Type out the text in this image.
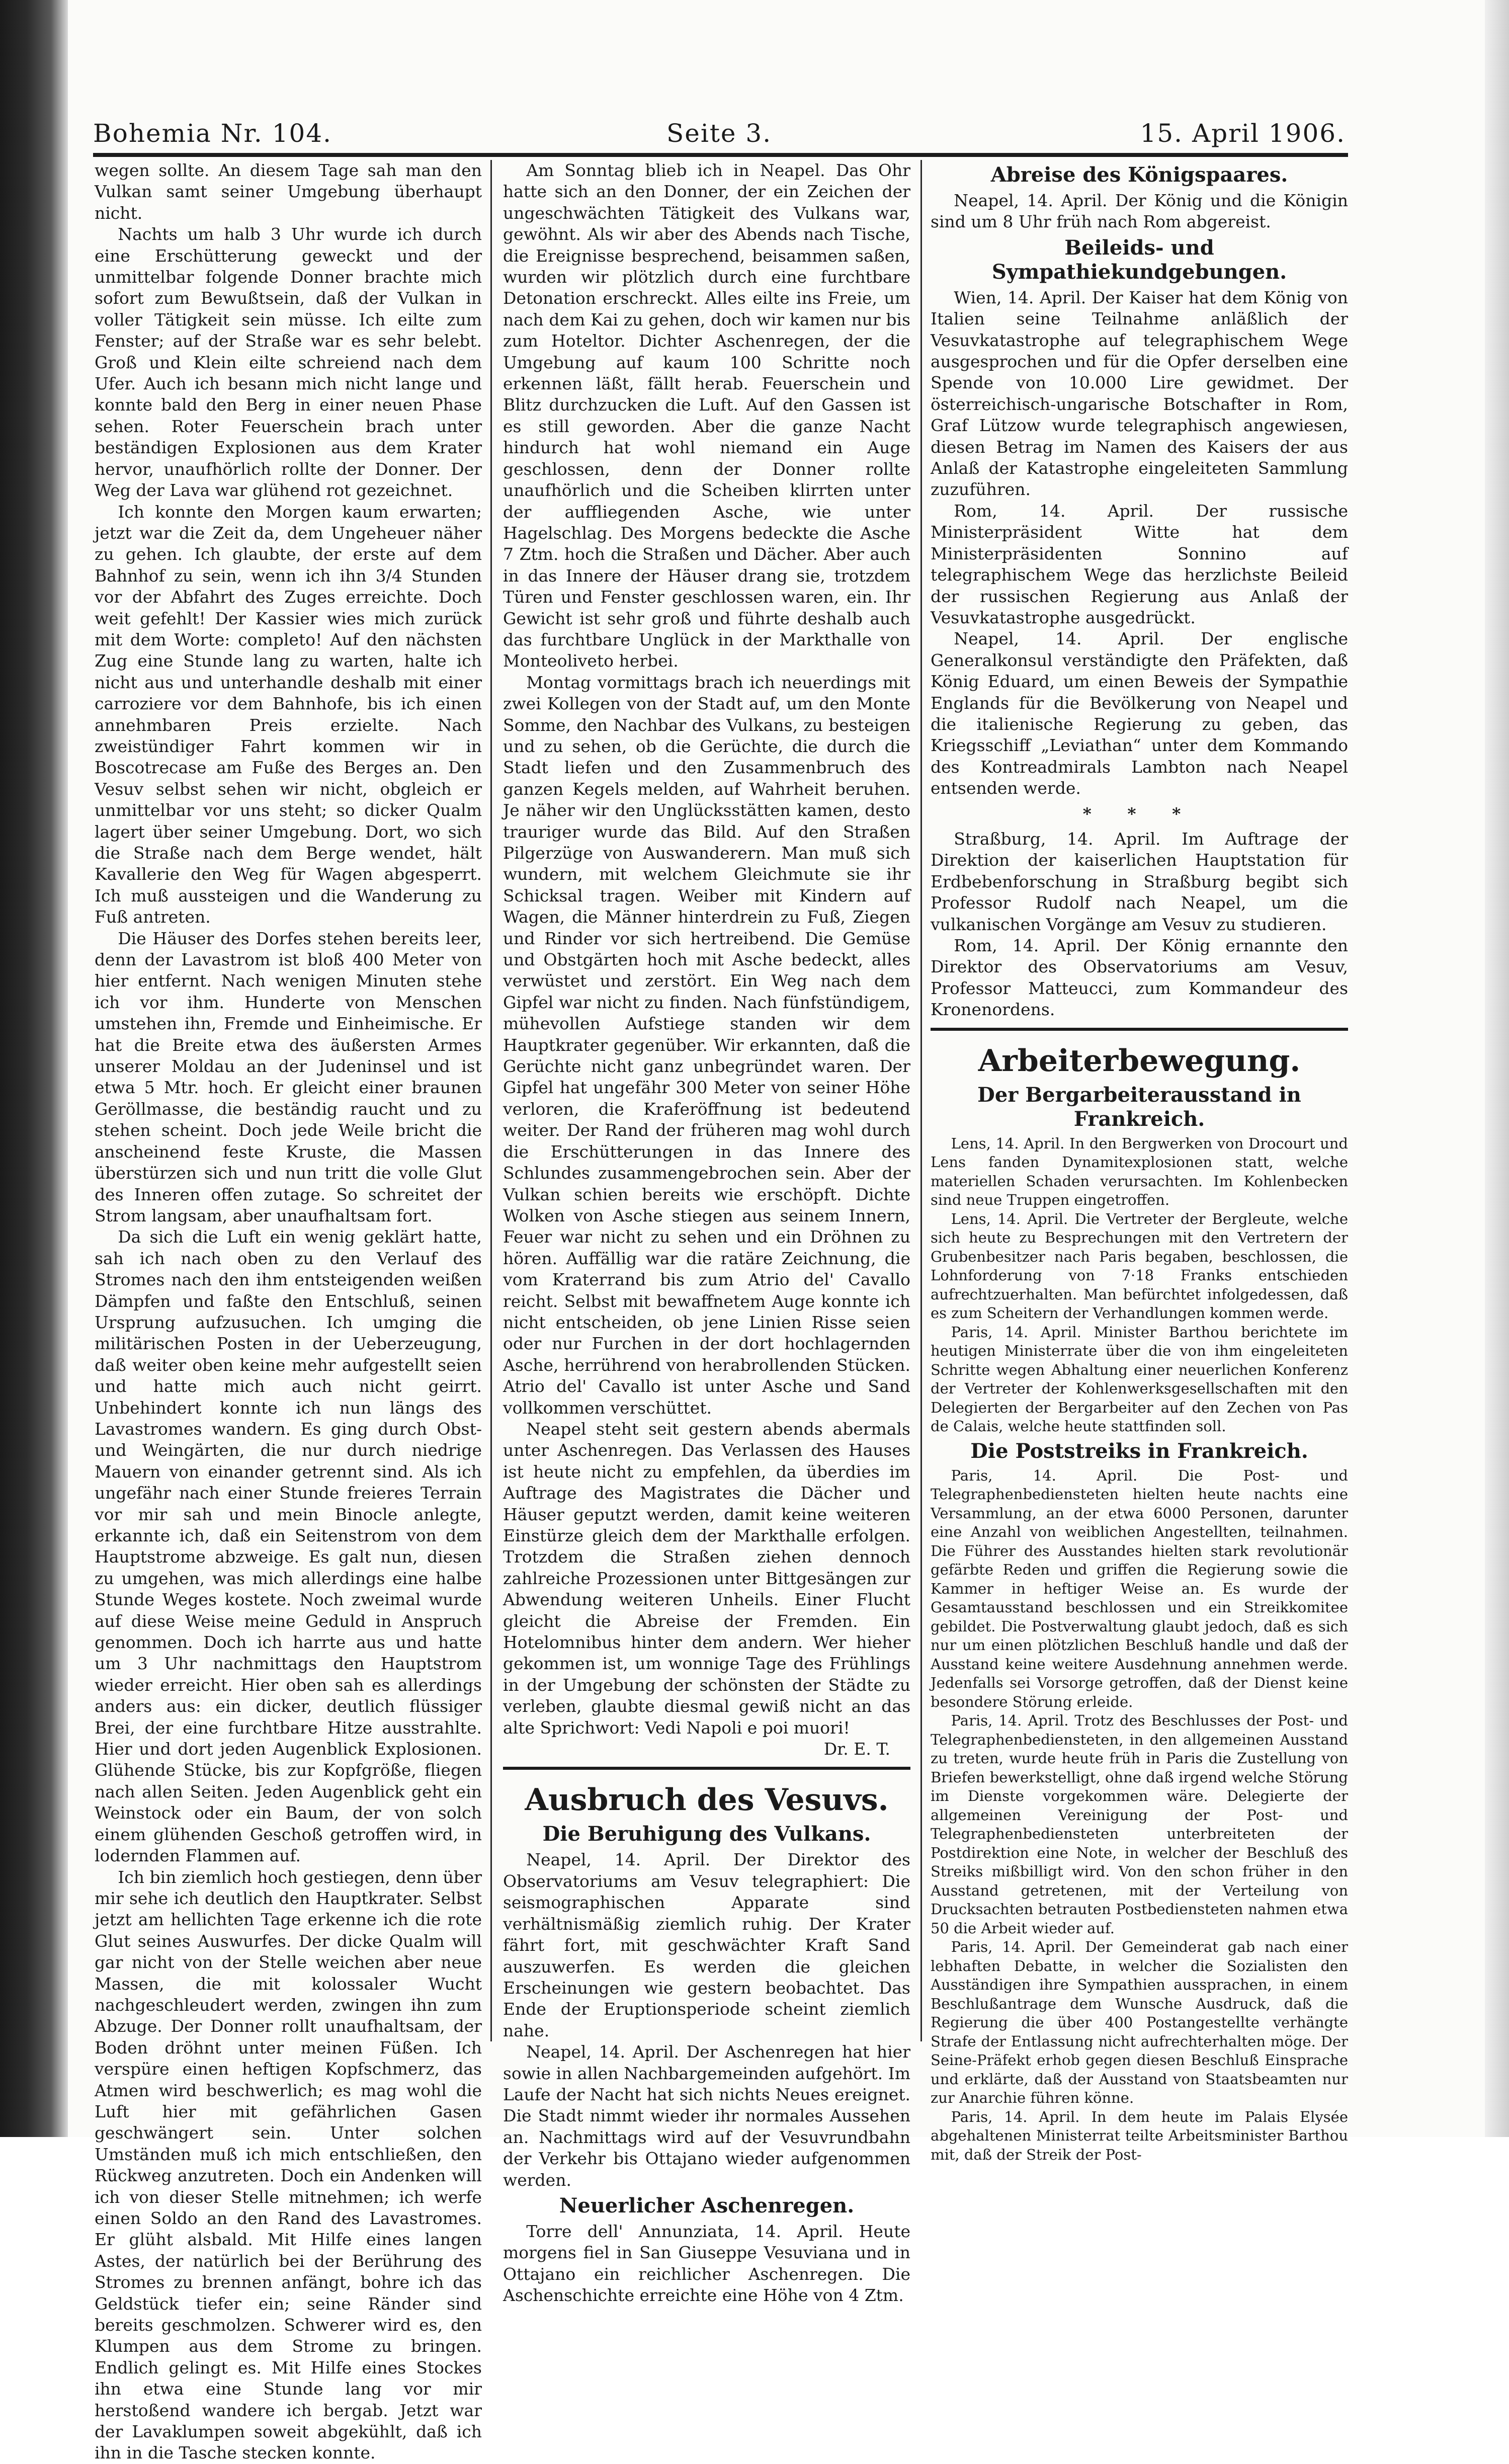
Bohemia Nr. 104.	Seite 3.	15. April 1906.

wegen sollte. An diesem Tage sah man den Vulkan samt seiner Umgebung überhaupt nicht.

Nachts um halb 3 Uhr wurde ich durch eine Erschütterung geweckt und der unmittelbar folgende Donner brachte mich sofort zum Bewußtsein, daß der Vulkan in voller Tätigkeit sein müsse. Ich eilte zum Fenster; auf der Straße war es sehr belebt. Groß und Klein eilte schreiend nach dem Ufer. Auch ich besann mich nicht lange und konnte bald den Berg in einer neuen Phase sehen. Roter Feuerschein brach unter beständigen Explosionen aus dem Krater hervor, unaufhörlich rollte der Donner. Der Weg der Lava war glühend rot gezeichnet.

Ich konnte den Morgen kaum erwarten; jetzt war die Zeit da, dem Ungeheuer näher zu gehen. Ich glaubte, der erste auf dem Bahnhof zu sein, wenn ich ihn 3/4 Stunden vor der Abfahrt des Zuges erreichte. Doch weit gefehlt! Der Kassier wies mich zurück mit dem Worte: completo! Auf den nächsten Zug eine Stunde lang zu warten, halte ich nicht aus und unterhandle deshalb mit einer carroziere vor dem Bahnhofe, bis ich einen annehmbaren Preis erzielte. Nach zweistündiger Fahrt kommen wir in Boscotrecase am Fuße des Berges an. Den Vesuv selbst sehen wir nicht, obgleich er unmittelbar vor uns steht; so dicker Qualm lagert über seiner Umgebung. Dort, wo sich die Straße nach dem Berge wendet, hält Kavallerie den Weg für Wagen abgesperrt. Ich muß aussteigen und die Wanderung zu Fuß antreten.

Die Häuser des Dorfes stehen bereits leer, denn der Lavastrom ist bloß 400 Meter von hier entfernt. Nach wenigen Minuten stehe ich vor ihm. Hunderte von Menschen umstehen ihn, Fremde und Einheimische. Er hat die Breite etwa des äußersten Armes unserer Moldau an der Judeninsel und ist etwa 5 Mtr. hoch. Er gleicht einer braunen Geröllmasse, die beständig raucht und zu stehen scheint. Doch jede Weile bricht die anscheinend feste Kruste, die Massen überstürzen sich und nun tritt die volle Glut des Inneren offen zutage. So schreitet der Strom langsam, aber unaufhaltsam fort.

Da sich die Luft ein wenig geklärt hatte, sah ich nach oben zu den Verlauf des Stromes nach den ihm entsteigenden weißen Dämpfen und faßte den Entschluß, seinen Ursprung aufzusuchen. Ich umging die militärischen Posten in der Ueberzeugung, daß weiter oben keine mehr aufgestellt seien und hatte mich auch nicht geirrt. Unbehindert konnte ich nun längs des Lavastromes wandern. Es ging durch Obst- und Weingärten, die nur durch niedrige Mauern von einander getrennt sind. Als ich ungefähr nach einer Stunde freieres Terrain vor mir sah und mein Binocle anlegte, erkannte ich, daß ein Seitenstrom von dem Hauptstrome abzweige. Es galt nun, diesen zu umgehen, was mich allerdings eine halbe Stunde Weges kostete. Noch zweimal wurde auf diese Weise meine Geduld in Anspruch genommen. Doch ich harrte aus und hatte um 3 Uhr nachmittags den Hauptstrom wieder erreicht. Hier oben sah es allerdings anders aus: ein dicker, deutlich flüssiger Brei, der eine furchtbare Hitze ausstrahlte. Hier und dort jeden Augenblick Explosionen. Glühende Stücke, bis zur Kopfgröße, fliegen nach allen Seiten. Jeden Augenblick geht ein Weinstock oder ein Baum, der von solch einem glühenden Geschoß getroffen wird, in lodernden Flammen auf.

Ich bin ziemlich hoch gestiegen, denn über mir sehe ich deutlich den Hauptkrater. Selbst jetzt am hellichten Tage erkenne ich die rote Glut seines Auswurfes. Der dicke Qualm will gar nicht von der Stelle weichen aber neue Massen, die mit kolossaler Wucht nachgeschleudert werden, zwingen ihn zum Abzuge. Der Donner rollt unaufhaltsam, der Boden dröhnt unter meinen Füßen. Ich verspüre einen heftigen Kopfschmerz, das Atmen wird beschwerlich; es mag wohl die Luft hier mit gefährlichen Gasen geschwängert sein. Unter solchen Umständen muß ich mich entschließen, den Rückweg anzutreten. Doch ein Andenken will ich von dieser Stelle mitnehmen; ich werfe einen Soldo an den Rand des Lavastromes. Er glüht alsbald. Mit Hilfe eines langen Astes, der natürlich bei der Berührung des Stromes zu brennen anfängt, bohre ich das Geldstück tiefer ein; seine Ränder sind bereits geschmolzen. Schwerer wird es, den Klumpen aus dem Strome zu bringen. Endlich gelingt es. Mit Hilfe eines Stockes ihn etwa eine Stunde lang vor mir herstoßend wandere ich bergab. Jetzt war der Lavaklumpen soweit abgekühlt, daß ich ihn in die Tasche stecken konnte.

Am Sonntag blieb ich in Neapel. Das Ohr hatte sich an den Donner, der ein Zeichen der ungeschwächten Tätigkeit des Vulkans war, gewöhnt. Als wir aber des Abends nach Tische, die Ereignisse besprechend, beisammen saßen, wurden wir plötzlich durch eine furchtbare Detonation erschreckt. Alles eilte ins Freie, um nach dem Kai zu gehen, doch wir kamen nur bis zum Hoteltor. Dichter Aschenregen, der die Umgebung auf kaum 100 Schritte noch erkennen läßt, fällt herab. Feuerschein und Blitz durchzucken die Luft. Auf den Gassen ist es still geworden. Aber die ganze Nacht hindurch hat wohl niemand ein Auge geschlossen, denn der Donner rollte unaufhörlich und die Scheiben klirrten unter der auffliegenden Asche, wie unter Hagelschlag. Des Morgens bedeckte die Asche 7 Ztm. hoch die Straßen und Dächer. Aber auch in das Innere der Häuser drang sie, trotzdem Türen und Fenster geschlossen waren, ein. Ihr Gewicht ist sehr groß und führte deshalb auch das furchtbare Unglück in der Markthalle von Monteoliveto herbei.

Montag vormittags brach ich neuerdings mit zwei Kollegen von der Stadt auf, um den Monte Somme, den Nachbar des Vulkans, zu besteigen und zu sehen, ob die Gerüchte, die durch die Stadt liefen und den Zusammenbruch des ganzen Kegels melden, auf Wahrheit beruhen. Je näher wir den Unglücksstätten kamen, desto trauriger wurde das Bild. Auf den Straßen Pilgerzüge von Auswanderern. Man muß sich wundern, mit welchem Gleichmute sie ihr Schicksal tragen. Weiber mit Kindern auf Wagen, die Männer hinterdrein zu Fuß, Ziegen und Rinder vor sich hertreibend. Die Gemüse und Obstgärten hoch mit Asche bedeckt, alles verwüstet und zerstört. Ein Weg nach dem Gipfel war nicht zu finden. Nach fünfstündigem, mühevollen Aufstiege standen wir dem Hauptkrater gegenüber. Wir erkannten, daß die Gerüchte nicht ganz unbegründet waren. Der Gipfel hat ungefähr 300 Meter von seiner Höhe verloren, die Kraferöffnung ist bedeutend weiter. Der Rand der früheren mag wohl durch die Erschütterungen in das Innere des Schlundes zusammengebrochen sein. Aber der Vulkan schien bereits wie erschöpft. Dichte Wolken von Asche stiegen aus seinem Innern, Feuer war nicht zu sehen und ein Dröhnen zu hören. Auffällig war die ratäre Zeichnung, die vom Kraterrand bis zum Atrio del' Cavallo reicht. Selbst mit bewaffnetem Auge konnte ich nicht entscheiden, ob jene Linien Risse seien oder nur Furchen in der dort hochlagernden Asche, herrührend von herabrollenden Stücken. Atrio del' Cavallo ist unter Asche und Sand vollkommen verschüttet.

Neapel steht seit gestern abends abermals unter Aschenregen. Das Verlassen des Hauses ist heute nicht zu empfehlen, da überdies im Auftrage des Magistrates die Dächer und Häuser geputzt werden, damit keine weiteren Einstürze gleich dem der Markthalle erfolgen. Trotzdem die Straßen ziehen dennoch zahlreiche Prozessionen unter Bittgesängen zur Abwendung weiteren Unheils. Einer Flucht gleicht die Abreise der Fremden. Ein Hotelomnibus hinter dem andern. Wer hieher gekommen ist, um wonnige Tage des Frühlings in der Umgebung der schönsten der Städte zu verleben, glaubte diesmal gewiß nicht an das alte Sprichwort: Vedi Napoli e poi muori!

Dr. E. T.

Ausbruch des Vesuvs.
Die Beruhigung des Vulkans.

Neapel, 14. April. Der Direktor des Observatoriums am Vesuv telegraphiert: Die seismographischen Apparate sind verhältnismäßig ziemlich ruhig. Der Krater fährt fort, mit geschwächter Kraft Sand auszuwerfen. Es werden die gleichen Erscheinungen wie gestern beobachtet. Das Ende der Eruptionsperiode scheint ziemlich nahe.

Neapel, 14. April. Der Aschenregen hat hier sowie in allen Nachbargemeinden aufgehört. Im Laufe der Nacht hat sich nichts Neues ereignet. Die Stadt nimmt wieder ihr normales Aussehen an. Nachmittags wird auf der Vesuvrundbahn der Verkehr bis Ottajano wieder aufgenommen werden.

Neuerlicher Aschenregen.

Torre dell' Annunziata, 14. April. Heute morgens fiel in San Giuseppe Vesuviana und in Ottajano ein reichlicher Aschenregen. Die Aschenschichte erreichte eine Höhe von 4 Ztm.

Abreise des Königspaares.

Neapel, 14. April. Der König und die Königin sind um 8 Uhr früh nach Rom abgereist.

Beileids- und Sympathiekundgebungen.

Wien, 14. April. Der Kaiser hat dem König von Italien seine Teilnahme anläßlich der Vesuvkatastrophe auf telegraphischem Wege ausgesprochen und für die Opfer derselben eine Spende von 10.000 Lire gewidmet. Der österreichisch-ungarische Botschafter in Rom, Graf Lützow wurde telegraphisch angewiesen, diesen Betrag im Namen des Kaisers der aus Anlaß der Katastrophe eingeleiteten Sammlung zuzuführen.

Rom, 14. April. Der russische Ministerpräsident Witte hat dem Ministerpräsidenten Sonnino auf telegraphischem Wege das herzlichste Beileid der russischen Regierung aus Anlaß der Vesuvkatastrophe ausgedrückt.

Neapel, 14. April. Der englische Generalkonsul verständigte den Präfekten, daß König Eduard, um einen Beweis der Sympathie Englands für die Bevölkerung von Neapel und die italienische Regierung zu geben, das Kriegsschiff „Leviathan“ unter dem Kommando des Kontreadmirals Lambton nach Neapel entsenden werde.

* * *

Straßburg, 14. April. Im Auftrage der Direktion der kaiserlichen Hauptstation für Erdbebenforschung in Straßburg begibt sich Professor Rudolf nach Neapel, um die vulkanischen Vorgänge am Vesuv zu studieren.

Rom, 14. April. Der König ernannte den Direktor des Observatoriums am Vesuv, Professor Matteucci, zum Kommandeur des Kronenordens.

Arbeiterbewegung.
Der Bergarbeiterausstand in Frankreich.

Lens, 14. April. In den Bergwerken von Drocourt und Lens fanden Dynamitexplosionen statt, welche materiellen Schaden verursachten. Im Kohlenbecken sind neue Truppen eingetroffen.

Lens, 14. April. Die Vertreter der Bergleute, welche sich heute zu Besprechungen mit den Vertretern der Grubenbesitzer nach Paris begaben, beschlossen, die Lohnforderung von 7·18 Franks entschieden aufrechtzuerhalten. Man befürchtet infolgedessen, daß es zum Scheitern der Verhandlungen kommen werde.

Paris, 14. April. Minister Barthou berichtete im heutigen Ministerrate über die von ihm eingeleiteten Schritte wegen Abhaltung einer neuerlichen Konferenz der Vertreter der Kohlenwerksgesellschaften mit den Delegierten der Bergarbeiter auf den Zechen von Pas de Calais, welche heute stattfinden soll.

Die Poststreiks in Frankreich.

Paris, 14. April. Die Post- und Telegraphenbediensteten hielten heute nachts eine Versammlung, an der etwa 6000 Personen, darunter eine Anzahl von weiblichen Angestellten, teilnahmen. Die Führer des Ausstandes hielten stark revolutionär gefärbte Reden und griffen die Regierung sowie die Kammer in heftiger Weise an. Es wurde der Gesamtausstand beschlossen und ein Streikkomitee gebildet. Die Postverwaltung glaubt jedoch, daß es sich nur um einen plötzlichen Beschluß handle und daß der Ausstand keine weitere Ausdehnung annehmen werde. Jedenfalls sei Vorsorge getroffen, daß der Dienst keine besondere Störung erleide.

Paris, 14. April. Trotz des Beschlusses der Post- und Telegraphenbediensteten, in den allgemeinen Ausstand zu treten, wurde heute früh in Paris die Zustellung von Briefen bewerkstelligt, ohne daß irgend welche Störung im Dienste vorgekommen wäre. Delegierte der allgemeinen Vereinigung der Post- und Telegraphenbediensteten unterbreiteten der Postdirektion eine Note, in welcher der Beschluß des Streiks mißbilligt wird. Von den schon früher in den Ausstand getretenen, mit der Verteilung von Drucksachten betrauten Postbediensteten nahmen etwa 50 die Arbeit wieder auf.

Paris, 14. April. Der Gemeinderat gab nach einer lebhaften Debatte, in welcher die Sozialisten den Ausständigen ihre Sympathien aussprachen, in einem Beschlußantrage dem Wunsche Ausdruck, daß die Regierung die über 400 Postangestellte verhängte Strafe der Entlassung nicht aufrechterhalten möge. Der Seine-Präfekt erhob gegen diesen Beschluß Einsprache und erklärte, daß der Ausstand von Staatsbeamten nur zur Anarchie führen könne.

Paris, 14. April. In dem heute im Palais Elysée abgehaltenen Ministerrat teilte Arbeitsminister Barthou mit, daß der Streik der Post-
